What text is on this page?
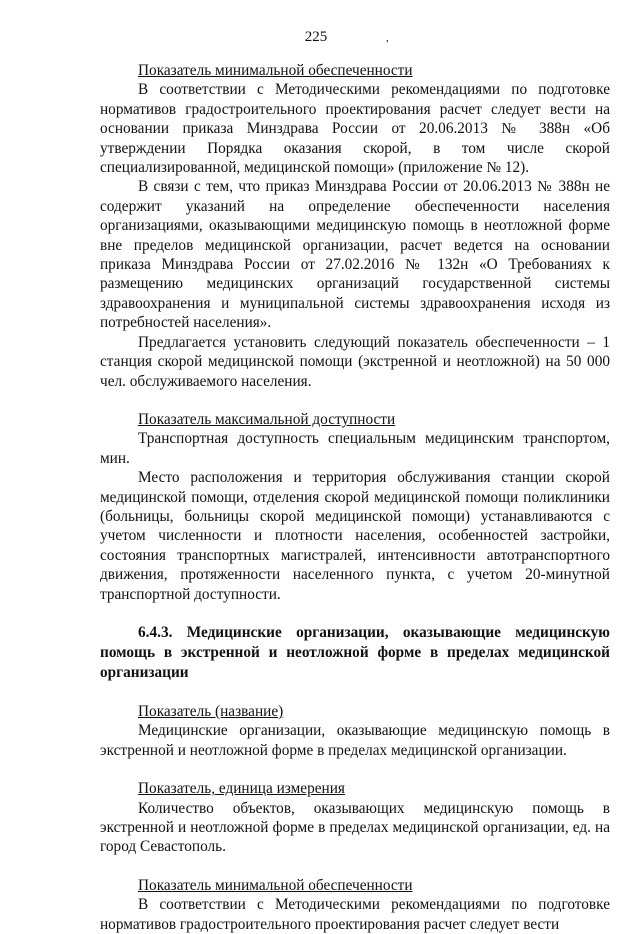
225	,
Показатель минимальной обеспеченности

В соответствии с Методическими рекомендациями по подготовке нормативов градостроительного проектирования расчет следует вести на основании приказа Минздрава России от 20.06.2013 № 388н «Об утверждении Порядка оказания скорой, в том числе скорой специализированной, медицинской помощи» (приложение № 12).

В связи с тем, что приказ Минздрава России от 20.06.2013 № 388н не содержит указаний на определение обеспеченности населения организациями, оказывающими медицинскую помощь в неотложной форме вне пределов медицинской организации, расчет ведется на основании приказа Минздрава России от 27.02.2016 № 132н «О Требованиях к размещению медицинских организаций государственной системы здравоохранения и муниципальной системы здравоохранения исходя из потребностей населения».

Предлагается установить следующий показатель обеспеченности – 1 станция скорой медицинской помощи (экстренной и неотложной) на 50 000 чел. обслуживаемого населения.

Показатель максимальной доступности

Транспортная доступность специальным медицинским транспортом, мин.

Место расположения и территория обслуживания станции скорой медицинской помощи, отделения скорой медицинской помощи поликлиники (больницы, больницы скорой медицинской помощи) устанавливаются с учетом численности и плотности населения, особенностей застройки, состояния транспортных магистралей, интенсивности автотранспортного движения, протяженности населенного пункта, с учетом 20-минутной транспортной доступности.

6.4.3. Медицинские организации, оказывающие медицинскую помощь в экстренной и неотложной форме в пределах медицинской организации

Показатель (название)

Медицинские организации, оказывающие медицинскую помощь в экстренной и неотложной форме в пределах медицинской организации.

Показатель, единица измерения

Количество объектов, оказывающих медицинскую помощь в экстренной и неотложной форме в пределах медицинской организации, ед. на город Севастополь.

Показатель минимальной обеспеченности

В соответствии с Методическими рекомендациями по подготовке нормативов градостроительного проектирования расчет следует вести
